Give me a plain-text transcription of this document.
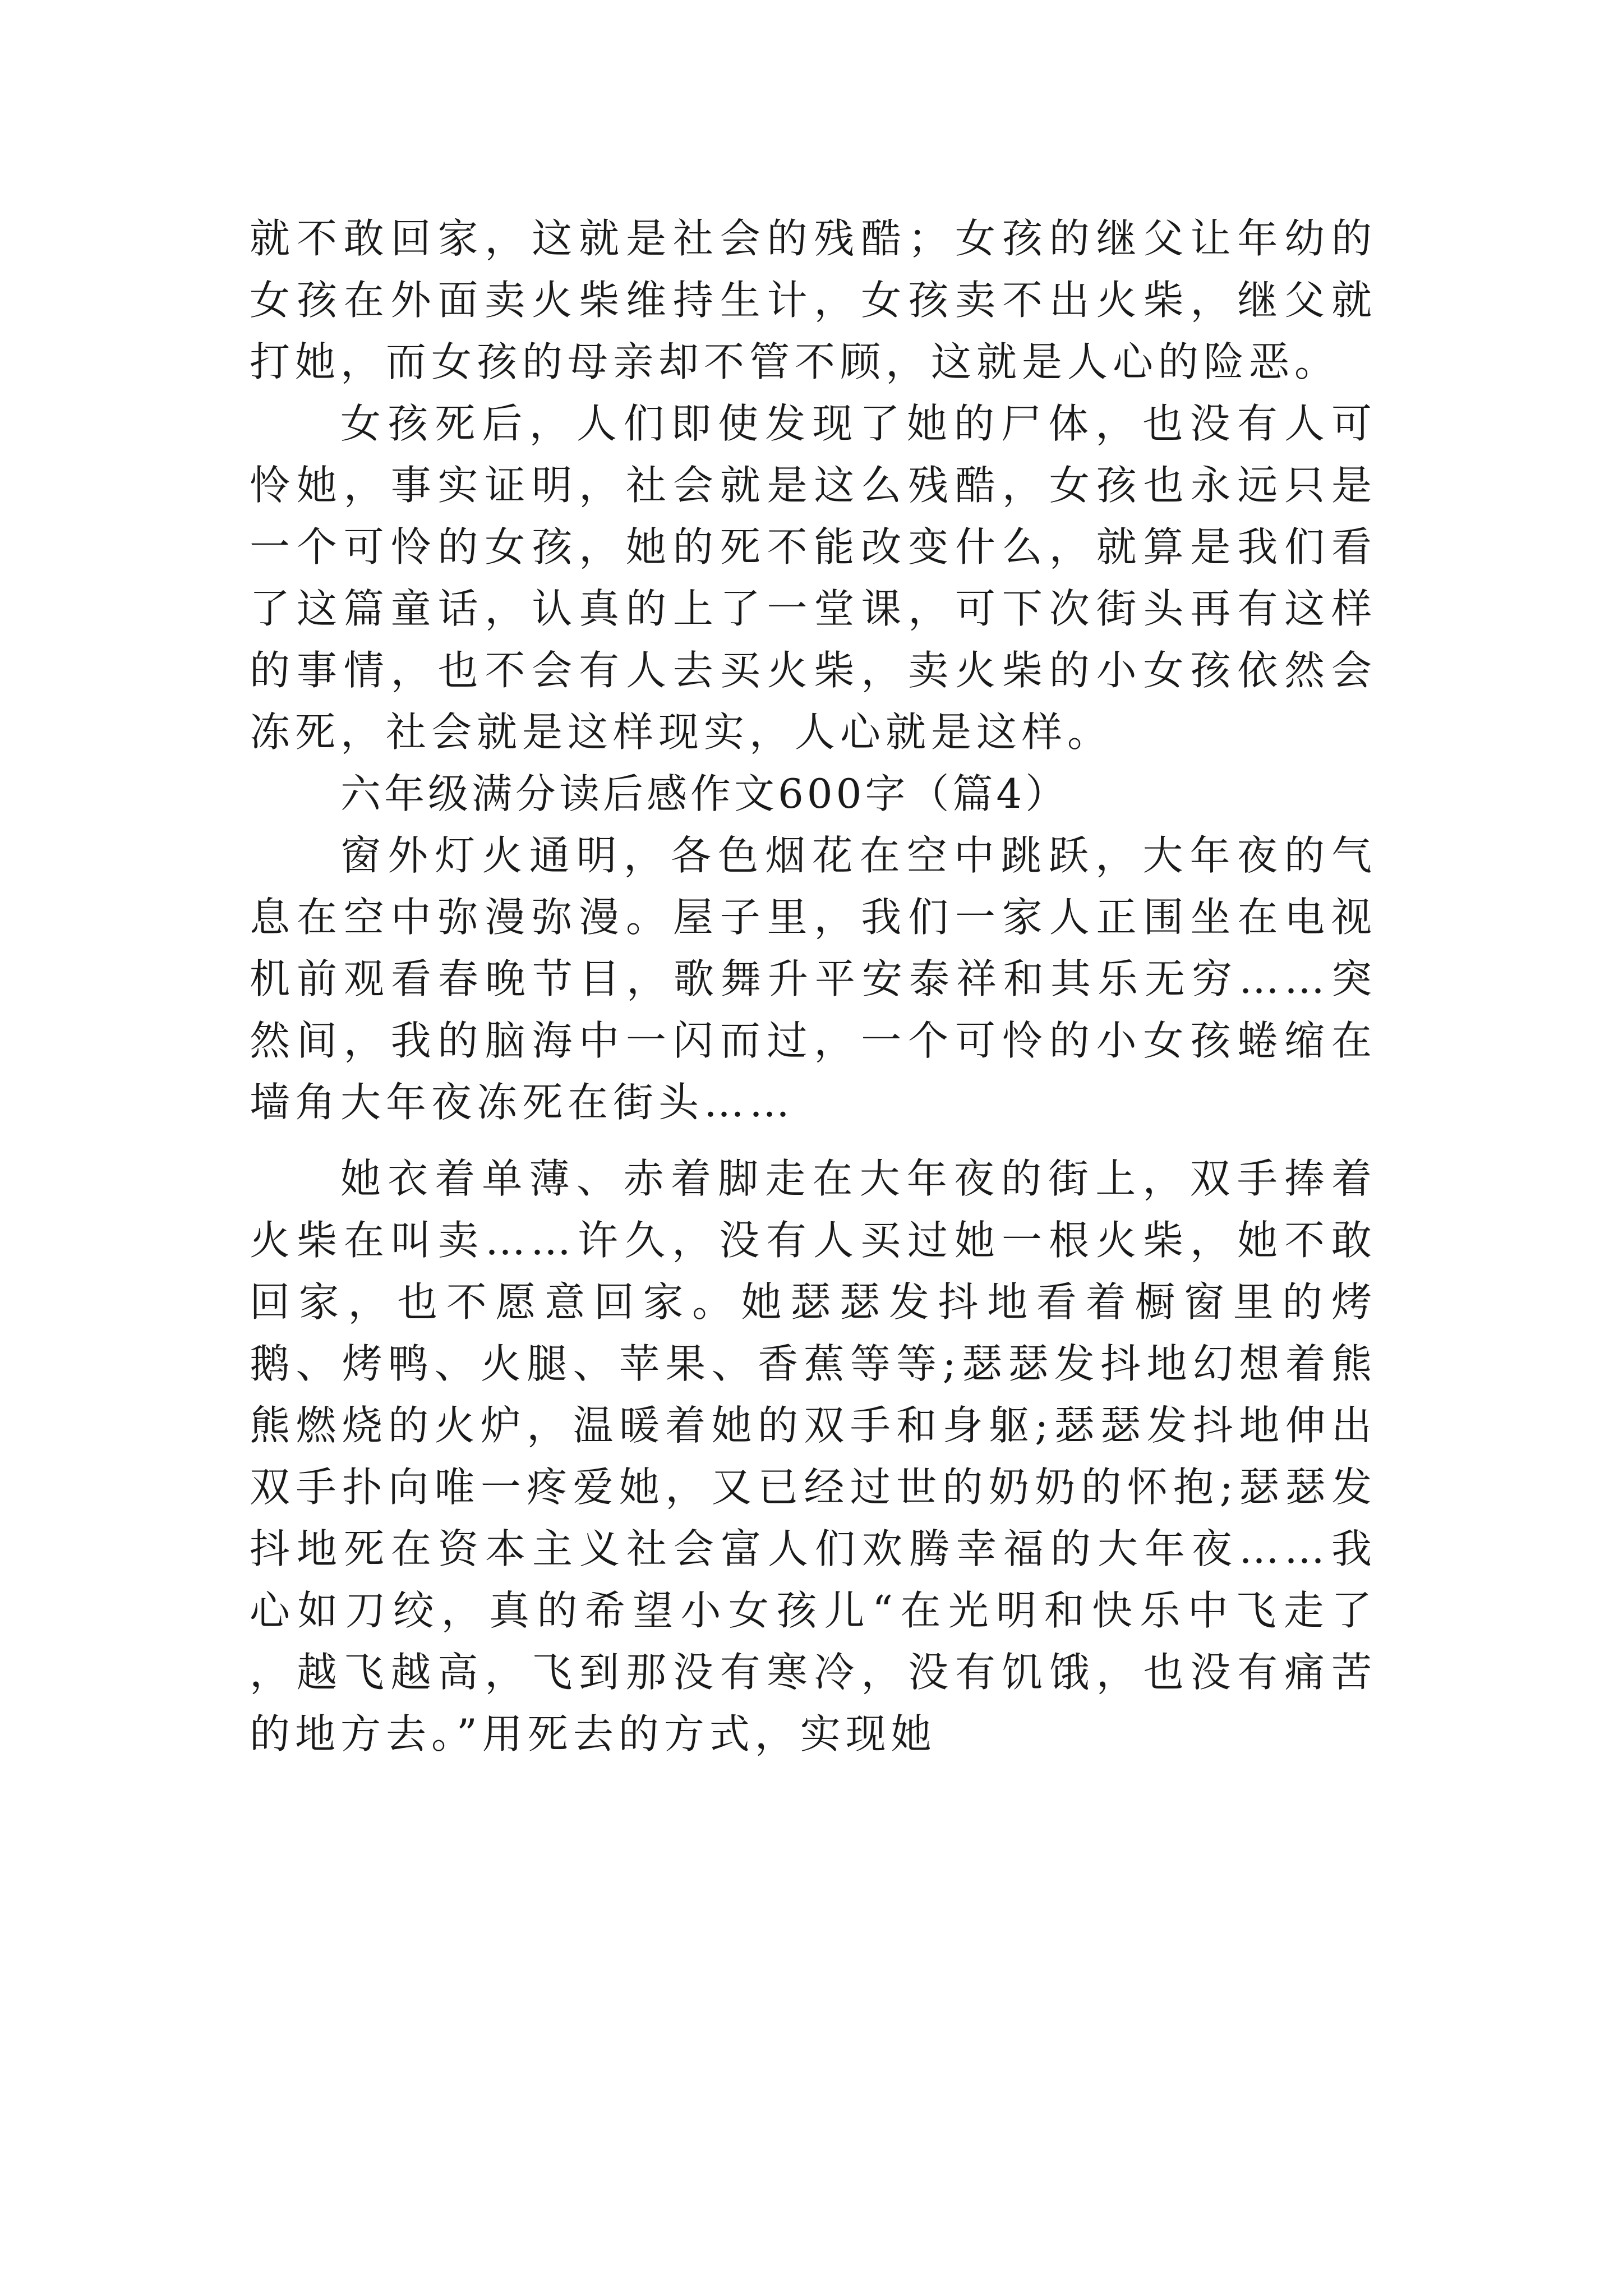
就不敢回家，这就是社会的残酷；女孩的继父让年幼的女孩在外面卖火柴维持生计，女孩卖不出火柴，继父就打她，而女孩的母亲却不管不顾，这就是人心的险恶。

女孩死后，人们即使发现了她的尸体，也没有人可怜她，事实证明，社会就是这么残酷，女孩也永远只是一个可怜的女孩，她的死不能改变什么，就算是我们看了这篇童话，认真的上了一堂课，可下次街头再有这样的事情，也不会有人去买火柴，卖火柴的小女孩依然会冻死，社会就是这样现实，人心就是这样。

六年级满分读后感作文600字（篇4）

窗外灯火通明，各色烟花在空中跳跃，大年夜的气息在空中弥漫弥漫。屋子里，我们一家人正围坐在电视机前观看春晚节目，歌舞升平安泰祥和其乐无穷……突然间，我的脑海中一闪而过，一个可怜的小女孩蜷缩在墙角大年夜冻死在街头……

她衣着单薄、赤着脚走在大年夜的街上，双手捧着火柴在叫卖……许久，没有人买过她一根火柴，她不敢回家，也不愿意回家。她瑟瑟发抖地看着橱窗里的烤鹅、烤鸭、火腿、苹果、香蕉等等;瑟瑟发抖地幻想着熊熊燃烧的火炉，温暖着她的双手和身躯;瑟瑟发抖地伸出双手扑向唯一疼爱她，又已经过世的奶奶的怀抱;瑟瑟发抖地死在资本主义社会富人们欢腾幸福的大年夜……我心如刀绞，真的希望小女孩儿“在光明和快乐中飞走了 ，越飞越高，飞到那没有寒冷，没有饥饿，也没有痛苦的地方去。”用死去的方式，实现她
